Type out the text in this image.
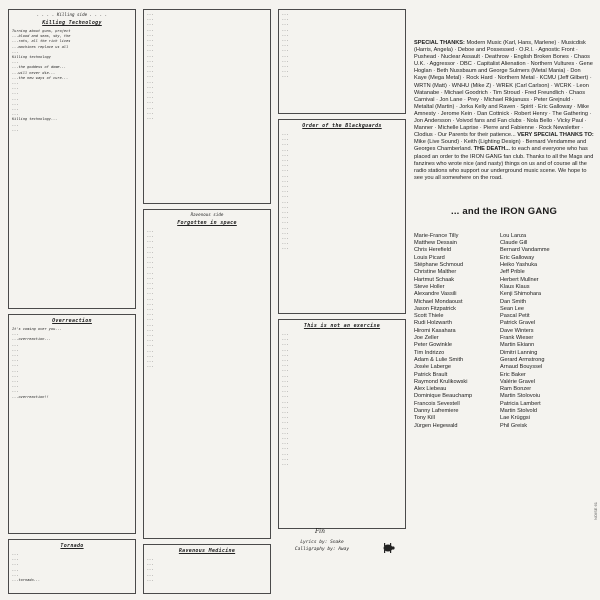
. . . . Killing side . . . .
Killing Technology
Turning about guns, project
...blood and seas, sky, the
...rats, all the rich lives
...machines replace us all
...
Killing technology
...
...the goddess of dome...
...will never die...
...the new ways of cure...
...
...
...
...
...
...
...
Killing technology...
...
...
Overreaction
It's coming over you...
...
...overreaction...
...
...
...
...
...
...
...
...
...
...
...overreaction!!
Tornado
...
...
...
...
...
...tornado...
...
...
...
...
...
...
...
...
...
...
...
...
...
...
...
...
...
...
...
...
...
Ravenous side
Forgotten in space
...
...
...
...
...
...
...
...
...
...
...
...
...
...
...
...
...
...
...
...
...
...
...
...
...
...
...
Ravenous Medicine
...
...
...
...
...
...
...
...
...
...
...
...
...
...
...
...
...
...
Order of the Blackguards
...
...
...
...
...
...
...
...
...
...
...
...
...
...
...
...
...
...
...
...
...
...
...
This is not an exercise
...
...
...
...
...
...
...
...
...
...
...
...
...
...
...
...
...
...
...
...
...
...
...
...
...
...
Fin
Lyrics by: Snake
Calligraphy by: Away

SPECIAL THANKS: Modern Music (Karl, Hans, Marlene) · Musicdisk (Harris, Angela) · Deboe and Possessed · O.R.I. · Agnostic Front · Pushead · Nuclear Assault · Deathrow · English Broken Bones · Chaos U.K. · Aggressor · DBC · Capitalist Alienation · Northern Vultures · Gene Hoglan · Beth Nussbaum and George Sulmers (Metal Mania) · Don Kaye (Mega Metal) · Rock Hard · Northern Metal · KCMU (Jeff Gilbert) · WRTN (Matt) · WNHU (Mike Z) · WREK (Carl Carlson) · WCRK · Leon Watanabe · Michael Goodrich · Tim Stroud · Fred Freundlich · Chaos Carnival · Jon Lane · Prey · Michael Rikjanuss · Peter Grejnuld · Metaltal (Martin) · Jorka Kelly and Raven · Spirit · Eric Galloway · Mike Amnesty · Jerome Kein · Dan Cottnick · Robert Henry · The Gathering · Jon Andersson · Voivod fans and Fan clubs · Nola Bello · Vicky Paul · Manner · Michelle Laprise · Pierre and Fabienne · Rock Newsletter · Clodius · Our Parents for their patience... VERY SPECIAL THANKS TO: Mike (Live Sound) · Keith (Lighting Design) · Bernard Vendamme and Georges Chamberland. THE DEATH... to each and everyone who has placed an order to the IRON GANG fan club. Thanks to all the Mags and fanzines who wrote nice (and nasty) things on us and of course all the radio stations who support our underground music scene. We hope to see you all somewhere on the road.

... and the IRON GANG
Marie-France Tilly
Matthew Dessain
Chris Herefield
Louis Picard
Stéphane Schmoud
Christine Malther
Hartmut Schaak
Steve Holler
Alexandre Vassili
Michael Mondaoust
Jason Fitzpatrick
Scott Thiele
Rudi Holzwarth
Hiromi Kasahara
Joe Zeller
Peter Gowinkle
Tim Indrizzo
Adam & Lulie Smith
Josée Laberge
Patrick Brault
Raymond Krulikowski
Alex Liebeau
Dominique Beauchamp
Francois Sevestell
Danny Lafremiere
Tony Kill
Jürgen Hegewald
Lou Lanza
Claude Gill
Bernard Vandamme
Eric Galloway
Heiko Yashuka
Jeff Prible
Herbert Mullner
Klaus Klaus
Kenji Shimohara
Dan Smith
Sean Lee
Pascal Petit
Patrick Gravel
Dave Winters
Frank Wieser
Martin Ekiann
Dimitri Lanning
Gerard Armstrong
Arnaud Bouyssel
Eric Baker
Valérie Gravel
Ram Bonzer
Martin Stolovoiu
Patricia Lambert
Martin Stolvold
Lae Krùggsi
Phil Greisk
NOISE 61
